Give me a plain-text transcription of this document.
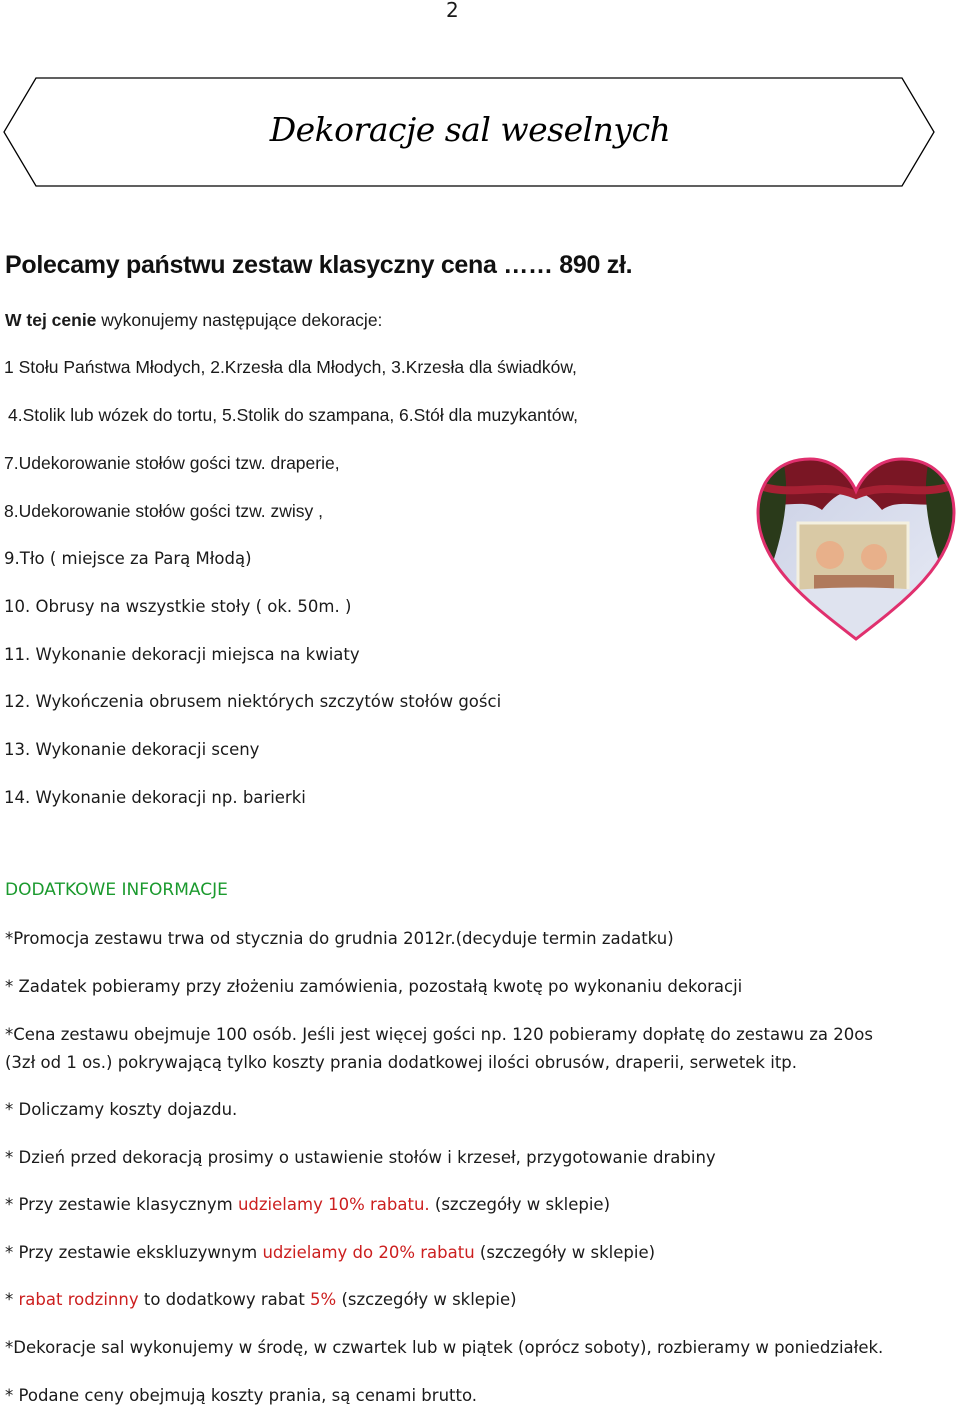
2
Dekoracje sal weselnych
Polecamy państwu zestaw klasyczny cena …… 890 zł.
W tej cenie wykonujemy następujące dekoracje:
1 Stołu Państwa Młodych, 2.Krzesła dla Młodych, 3.Krzesła dla świadków,
4.Stolik lub wózek do tortu, 5.Stolik do szampana, 6.Stół dla muzykantów,
7.Udekorowanie stołów gości tzw. draperie,
8.Udekorowanie stołów gości tzw. zwisy ,
9.Tło ( miejsce za Parą Młodą)
10. Obrusy na wszystkie stoły ( ok. 50m. )
11. Wykonanie dekoracji miejsca na kwiaty
12. Wykończenia obrusem niektórych szczytów stołów gości
13. Wykonanie dekoracji sceny
14. Wykonanie dekoracji np. barierki
DODATKOWE INFORMACJE
*Promocja zestawu trwa od stycznia do grudnia 2012r.(decyduje termin zadatku)
* Zadatek pobieramy przy złożeniu zamówienia, pozostałą kwotę po wykonaniu dekoracji
*Cena zestawu obejmuje 100 osób. Jeśli jest więcej gości np. 120 pobieramy dopłatę do zestawu za 20os
(3zł od 1 os.) pokrywającą tylko koszty prania dodatkowej ilości obrusów, draperii, serwetek itp.
* Doliczamy koszty dojazdu.
* Dzień przed dekoracją prosimy o ustawienie stołów i krzeseł, przygotowanie drabiny
* Przy zestawie klasycznym udzielamy 10% rabatu. (szczegóły w sklepie)
* Przy zestawie ekskluzywnym udzielamy do 20% rabatu (szczegóły w sklepie)
* rabat rodzinny to dodatkowy rabat 5% (szczegóły w sklepie)
*Dekoracje sal wykonujemy w środę, w czwartek lub w piątek (oprócz soboty), rozbieramy w poniedziałek.
* Podane ceny obejmują koszty prania, są cenami brutto.
